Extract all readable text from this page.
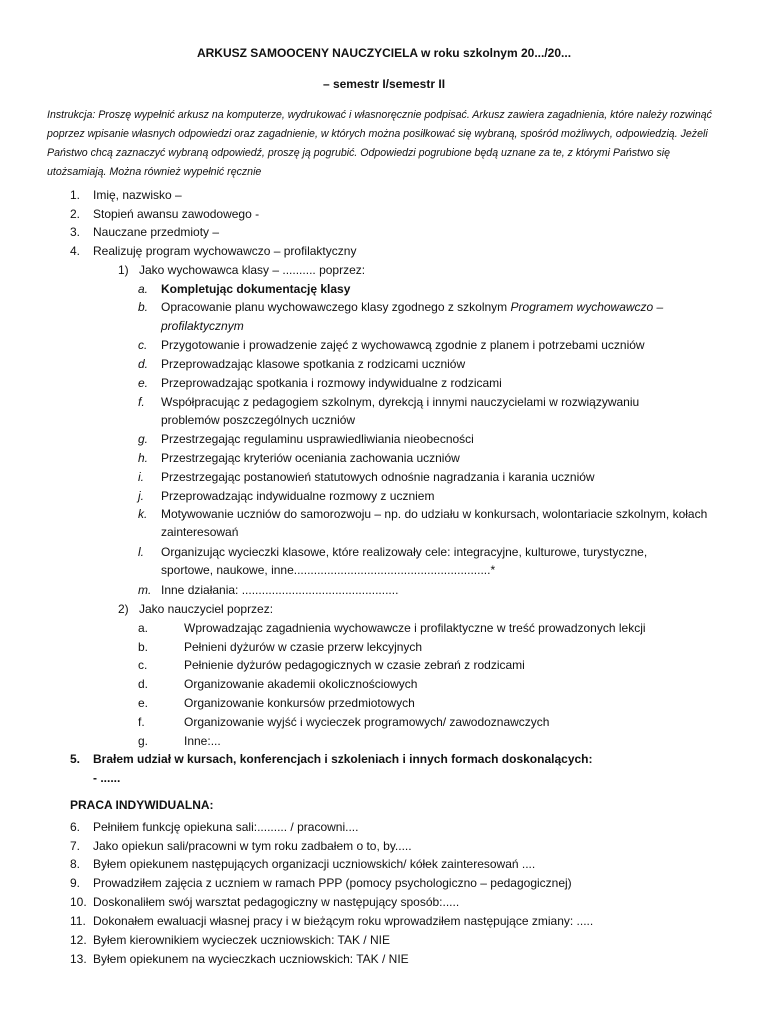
ARKUSZ SAMOOCENY NAUCZYCIELA w roku szkolnym 20.../20...
– semestr I/semestr II
Instrukcja: Proszę wypełnić arkusz na komputerze, wydrukować i własnoręcznie podpisać. Arkusz zawiera zagadnienia, które należy rozwinąć poprzez wpisanie własnych odpowiedzi oraz zagadnienie, w których można posiłkować się wybraną, spośród możliwych, odpowiedzią. Jeżeli Państwo chcą zaznaczyć wybraną odpowiedź, proszę ją pogrubić. Odpowiedzi pogrubione będą uznane za te, z którymi Państwo się utożsamiają. Można również wypełnić ręcznie
1. Imię, nazwisko –
2. Stopień awansu zawodowego -
3. Nauczane przedmioty –
4. Realizuję program wychowawczo – profilaktyczny
1) Jako wychowawca klasy – .......... poprzez:
a. Kompletując dokumentację klasy
b. Opracowanie planu wychowawczego klasy zgodnego z szkolnym Programem wychowawczo –
profilaktycznym
c. Przygotowanie i prowadzenie zajęć z wychowawcą zgodnie z planem i potrzebami uczniów
d. Przeprowadzając klasowe spotkania z rodzicami uczniów
e. Przeprowadzając spotkania i rozmowy indywidualne z rodzicami
f. Współpracując z pedagogiem szkolnym, dyrekcją i innymi nauczycielami w rozwiązywaniu problemów poszczególnych uczniów
g. Przestrzegając regulaminu usprawiedliwiania nieobecności
h. Przestrzegając kryteriów oceniania zachowania uczniów
i. Przestrzegając postanowień statutowych odnośnie nagradzania i karania uczniów
j. Przeprowadzając indywidualne rozmowy z uczniem
k. Motywowanie uczniów do samorozwoju – np. do udziału w konkursach, wolontariacie szkolnym, kołach zainteresowań
l. Organizując wycieczki klasowe, które realizowały cele: integracyjne, kulturowe, turystyczne, sportowe, naukowe, inne...........................................................*
m. Inne działania: ...............................................
2) Jako nauczyciel poprzez:
a.	Wprowadzając zagadnienia wychowawcze i profilaktyczne w treść prowadzonych lekcji
b.	Pełnieni dyżurów w czasie przerw lekcyjnych
c.	Pełnienie dyżurów pedagogicznych w czasie zebrań z rodzicami
d.	Organizowanie akademii okolicznościowych
e.	Organizowanie konkursów przedmiotowych
f.	Organizowanie wyjść i wycieczek programowych/ zawodoznawczych
g.	Inne:...
5. Brałem udział w kursach, konferencjach i szkoleniach i innych formach doskonalących:
- ......
PRACA INDYWIDUALNA:
6. Pełniłem funkcję opiekuna sali:......... / pracowni....
7. Jako opiekun sali/pracowni w tym roku zadbałem o to, by.....
8. Byłem opiekunem następujących organizacji uczniowskich/ kółek zainteresowań ....
9. Prowadziłem zajęcia z uczniem w ramach PPP (pomocy psychologiczno – pedagogicznej)
10. Doskonaliłem swój warsztat pedagogiczny w następujący sposób:.....
11. Dokonałem ewaluacji własnej pracy i w bieżącym roku wprowadziłem następujące zmiany: .....
12. Byłem kierownikiem wycieczek uczniowskich: TAK / NIE
13. Byłem opiekunem na wycieczkach uczniowskich: TAK / NIE
